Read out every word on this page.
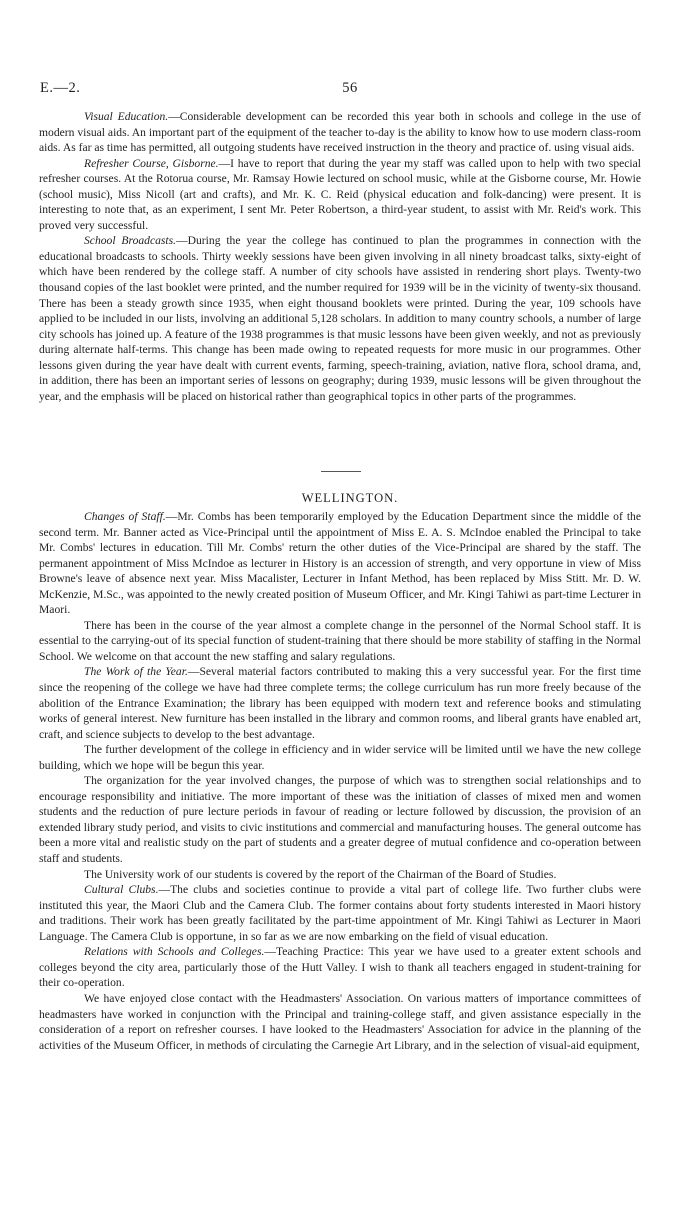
E.—2.	56

Visual Education.—Considerable development can be recorded this year both in schools and college in the use of modern visual aids. An important part of the equipment of the teacher to-day is the ability to know how to use modern class-room aids. As far as time has permitted, all outgoing students have received instruction in the theory and practice of. using visual aids.

Refresher Course, Gisborne.—I have to report that during the year my staff was called upon to help with two special refresher courses. At the Rotorua course, Mr. Ramsay Howie lectured on school music, while at the Gisborne course, Mr. Howie (school music), Miss Nicoll (art and crafts), and Mr. K. C. Reid (physical education and folk-dancing) were present. It is interesting to note that, as an experiment, I sent Mr. Peter Robertson, a third-year student, to assist with Mr. Reid's work. This proved very successful.

School Broadcasts.—During the year the college has continued to plan the programmes in connection with the educational broadcasts to schools. Thirty weekly sessions have been given involving in all ninety broadcast talks, sixty-eight of which have been rendered by the college staff. A number of city schools have assisted in rendering short plays. Twenty-two thousand copies of the last booklet were printed, and the number required for 1939 will be in the vicinity of twenty-six thousand. There has been a steady growth since 1935, when eight thousand booklets were printed. During the year, 109 schools have applied to be included in our lists, involving an additional 5,128 scholars. In addition to many country schools, a number of large city schools has joined up. A feature of the 1938 programmes is that music lessons have been given weekly, and not as previously during alternate half-terms. This change has been made owing to repeated requests for more music in our programmes. Other lessons given during the year have dealt with current events, farming, speech-training, aviation, native flora, school drama, and, in addition, there has been an important series of lessons on geography; during 1939, music lessons will be given throughout the year, and the emphasis will be placed on historical rather than geographical topics in other parts of the programmes.

WELLINGTON.

Changes of Staff.—Mr. Combs has been temporarily employed by the Education Department since the middle of the second term. Mr. Banner acted as Vice-Principal until the appointment of Miss E. A. S. McIndoe enabled the Principal to take Mr. Combs' lectures in education. Till Mr. Combs' return the other duties of the Vice-Principal are shared by the staff. The permanent appointment of Miss McIndoe as lecturer in History is an accession of strength, and very opportune in view of Miss Browne's leave of absence next year. Miss Macalister, Lecturer in Infant Method, has been replaced by Miss Stitt. Mr. D. W. McKenzie, M.Sc., was appointed to the newly created position of Museum Officer, and Mr. Kingi Tahiwi as part-time Lecturer in Maori.

There has been in the course of the year almost a complete change in the personnel of the Normal School staff. It is essential to the carrying-out of its special function of student-training that there should be more stability of staffing in the Normal School. We welcome on that account the new staffing and salary regulations.

The Work of the Year.—Several material factors contributed to making this a very successful year. For the first time since the reopening of the college we have had three complete terms; the college curriculum has run more freely because of the abolition of the Entrance Examination; the library has been equipped with modern text and reference books and stimulating works of general interest. New furniture has been installed in the library and common rooms, and liberal grants have enabled art, craft, and science subjects to develop to the best advantage.

The further development of the college in efficiency and in wider service will be limited until we have the new college building, which we hope will be begun this year.

The organization for the year involved changes, the purpose of which was to strengthen social relationships and to encourage responsibility and initiative. The more important of these was the initiation of classes of mixed men and women students and the reduction of pure lecture periods in favour of reading or lecture followed by discussion, the provision of an extended library study period, and visits to civic institutions and commercial and manufacturing houses. The general outcome has been a more vital and realistic study on the part of students and a greater degree of mutual confidence and co-operation between staff and students.

The University work of our students is covered by the report of the Chairman of the Board of Studies.

Cultural Clubs.—The clubs and societies continue to provide a vital part of college life. Two further clubs were instituted this year, the Maori Club and the Camera Club. The former contains about forty students interested in Maori history and traditions. Their work has been greatly facilitated by the part-time appointment of Mr. Kingi Tahiwi as Lecturer in Maori Language. The Camera Club is opportune, in so far as we are now embarking on the field of visual education.

Relations with Schools and Colleges.—Teaching Practice: This year we have used to a greater extent schools and colleges beyond the city area, particularly those of the Hutt Valley. I wish to thank all teachers engaged in student-training for their co-operation.

We have enjoyed close contact with the Headmasters' Association. On various matters of importance committees of headmasters have worked in conjunction with the Principal and training-college staff, and given assistance especially in the consideration of a report on refresher courses. I have looked to the Headmasters' Association for advice in the planning of the activities of the Museum Officer, in methods of circulating the Carnegie Art Library, and in the selection of visual-aid equipment,
